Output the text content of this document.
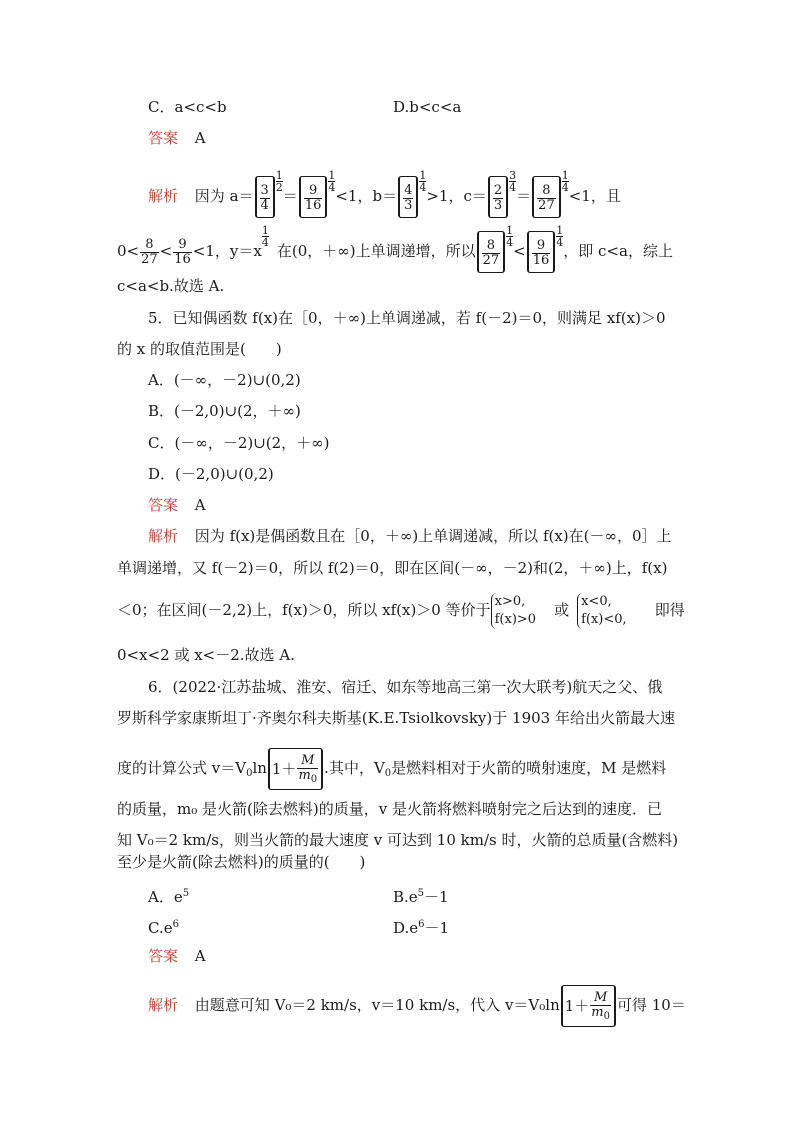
C．a<c<b	D.b<c<a
答案 A
解析 因为 $a= \frac{3}{4}$
$\frac{1}{2}$
＝ $\frac{9}{16}$
$\frac{1}{4}$
<1，$b= \frac{4}{3}$
$\frac{1}{4}$
>1，$c= \frac{2}{3}$
$\frac{3}{4}$
＝ $\frac{8}{27}$
$\frac{1}{4}$
<1，且
$0< \frac{8}{27} < \frac{9}{16} <1$，y＝x
$\frac{1}{4}$
在(0，＋∞)上单调递增，所以 $\frac{8}{27}$
$\frac{1}{4}$
< $\frac{9}{16}$
$\frac{1}{4}$
，即 c<a，综上
c<a<b.故选 A.
5．已知偶函数 f(x)在［0，＋∞)上单调递减，若 f(－2)＝0，则满足 xf(x)＞0
的 x 的取值范围是(　　)
A．(－∞，－2)∪(0,2)
B．(－2,0)∪(2，＋∞)
C．(－∞，－2)∪(2，＋∞)
D．(－2,0)∪(0,2)
答案 A
解析 因为 f(x)是偶函数且在［0，＋∞)上单调递减，所以 f(x)在(－∞，0］上
单调递增，又 f(－2)＝0，所以 f(2)＝0，即在区间(－∞，－2)和(2，＋∞)上，f(x)
＜0；在区间(－2,2)上，f(x)＞0，所以 xf(x)＞0 等价于 x>0,
f(x)>0
或 x<0,
f(x)<0,
即得
0<x<2 或 x<－2.故选 A.
6．(2022·江苏盐城、淮安、宿迁、如东等地高三第一次大联考)航天之父、俄
罗斯科学家康斯坦丁·齐奥尔科夫斯基(K.E.Tsiolkovsky)于 1903 年给出火箭最大速
度的计算公式 $v=V_0\ln$ $1+ \frac{M}{m_0}$ .其中，$V_0$是燃料相对于火箭的喷射速度，M 是燃料
的质量，m₀ 是火箭(除去燃料)的质量，v 是火箭将燃料喷射完之后达到的速度．已
知 V₀＝2 km/s，则当火箭的最大速度 v 可达到 10 km/s 时，火箭的总质量(含燃料)
至少是火箭(除去燃料)的质量的(　　)
A．$e^5$	$B.e^5-1$
$C.e^6$	$D.e^6-1$
答案 A
解析 由题意可知 V₀＝2 km/s，v＝10 km/s，代入 v＝V₀ln $1+ \frac{M}{m_0}$ 可得 10＝
